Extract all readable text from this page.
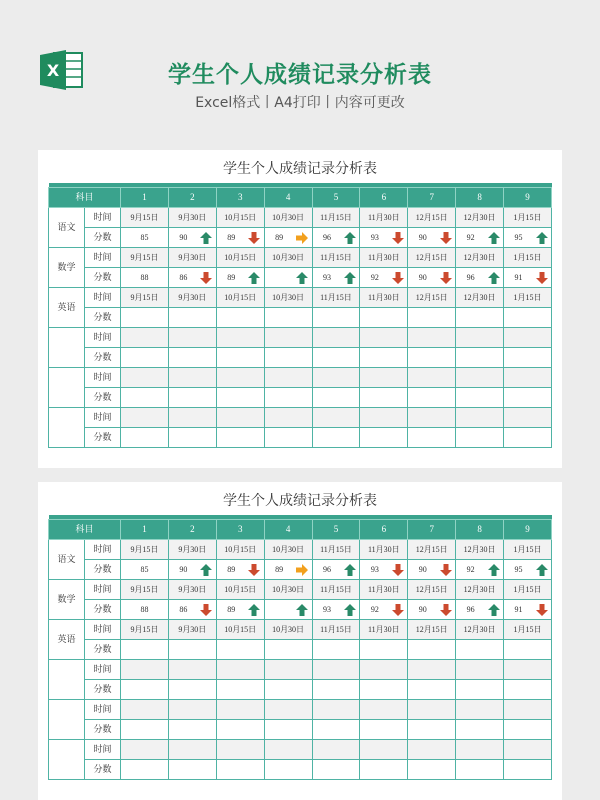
X	学生个人成绩记录分析表
Excel格式丨A4打印丨内容可更改
学生个人成绩记录分析表

科目		1	2	3	4	5	6	7	8	9
语文	时间	9月15日	9月30日	10月15日	10月30日	11月15日	11月30日	12月15日	12月30日	1月15日
	分数	85	90	89	89	96	93	90	92	95

数学	时间	9月15日	9月30日	10月15日	10月30日	11月15日	11月30日	12月15日	12月30日	1月15日
	分数	88	86	89		93	92	90	96	91

英语	时间	9月15日	9月30日	10月15日	10月30日	11月15日	11月30日	12月15日	12月30日	1月15日
	分数	

	时间									
	分数	

	时间									
	分数	

	时间									
	分数	

学生个人成绩记录分析表

科目		1	2	3	4	5	6	7	8	9
语文	时间	9月15日	9月30日	10月15日	10月30日	11月15日	11月30日	12月15日	12月30日	1月15日
	分数	85	90	89	89	96	93	90	92	95

数学	时间	9月15日	9月30日	10月15日	10月30日	11月15日	11月30日	12月15日	12月30日	1月15日
	分数	88	86	89		93	92	90	96	91

英语	时间	9月15日	9月30日	10月15日	10月30日	11月15日	11月30日	12月15日	12月30日	1月15日
	分数	

	时间									
	分数	

	时间									
	分数	

	时间									
	分数	
